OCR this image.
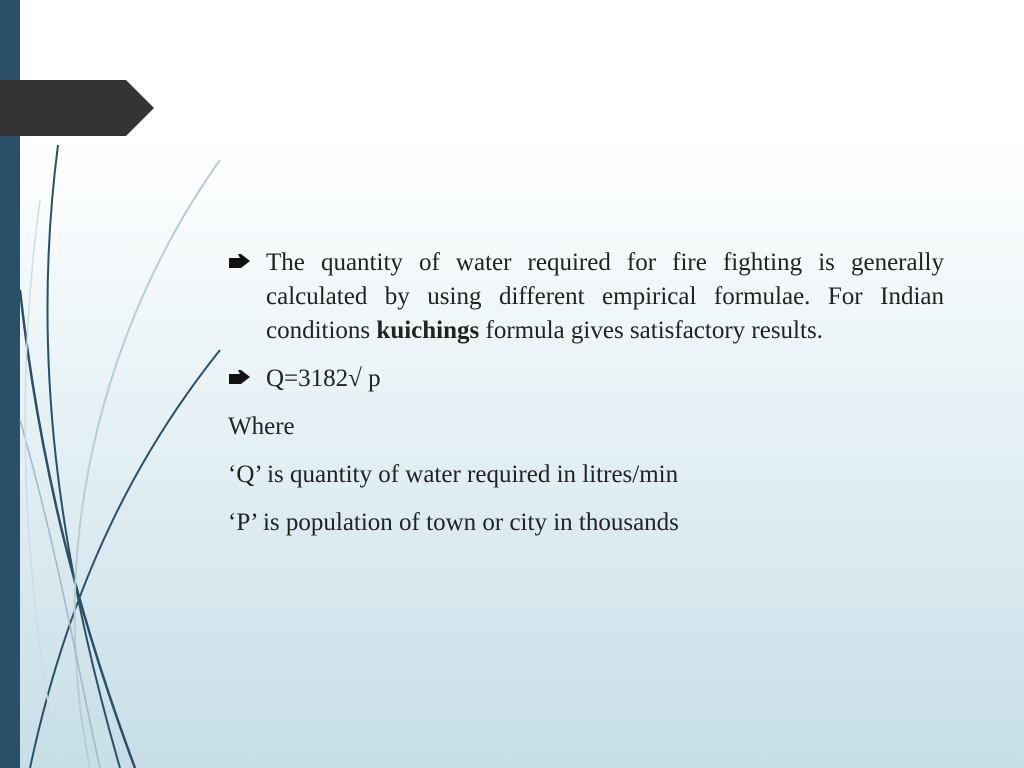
The quantity of water required for fire fighting is generally calculated by using different empirical formulae. For Indian conditions kuichings formula gives satisfactory results.
Q=3182√ p
Where
‘Q’ is quantity of water required in litres/min
‘P’ is population of town or city in thousands
